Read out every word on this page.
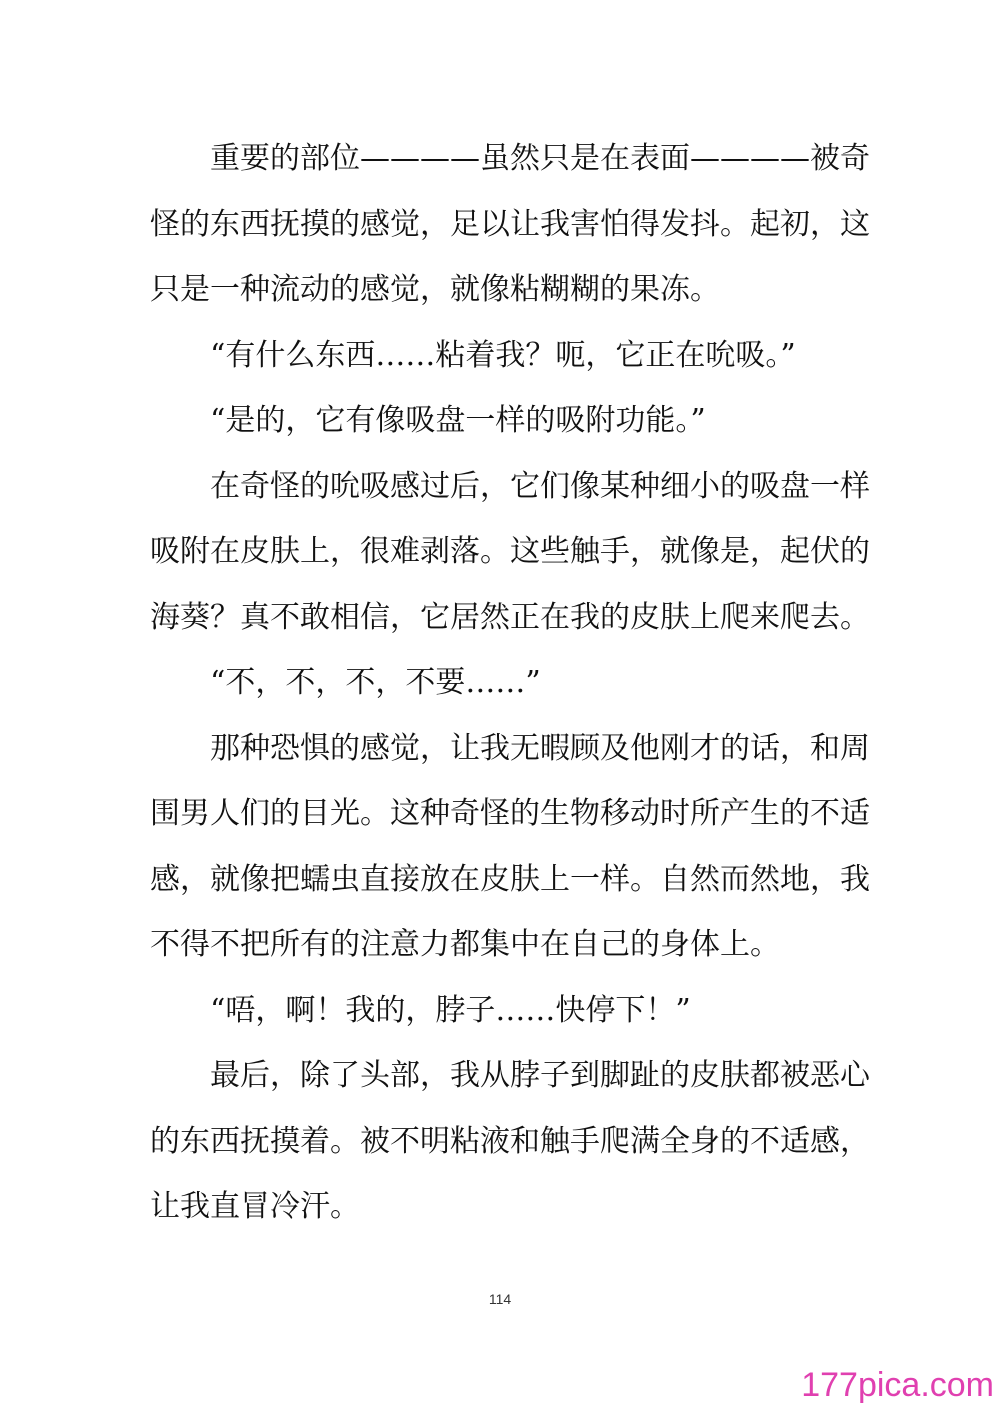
重要的部位————虽然只是在表面————被奇怪的东西抚摸的感觉，足以让我害怕得发抖。起初，这只是一种流动的感觉，就像粘糊糊的果冻。

“有什么东西……粘着我？呃，它正在吮吸。”

“是的，它有像吸盘一样的吸附功能。”

在奇怪的吮吸感过后，它们像某种细小的吸盘一样吸附在皮肤上，很难剥落。这些触手，就像是，起伏的海葵？真不敢相信，它居然正在我的皮肤上爬来爬去。

“不，不，不，不要……”

那种恐惧的感觉，让我无暇顾及他刚才的话，和周围男人们的目光。这种奇怪的生物移动时所产生的不适感，就像把蠕虫直接放在皮肤上一样。自然而然地，我不得不把所有的注意力都集中在自己的身体上。

“唔，啊！我的，脖子……快停下！”

最后，除了头部，我从脖子到脚趾的皮肤都被恶心的东西抚摸着。被不明粘液和触手爬满全身的不适感，让我直冒冷汗。

114
177pica.com
